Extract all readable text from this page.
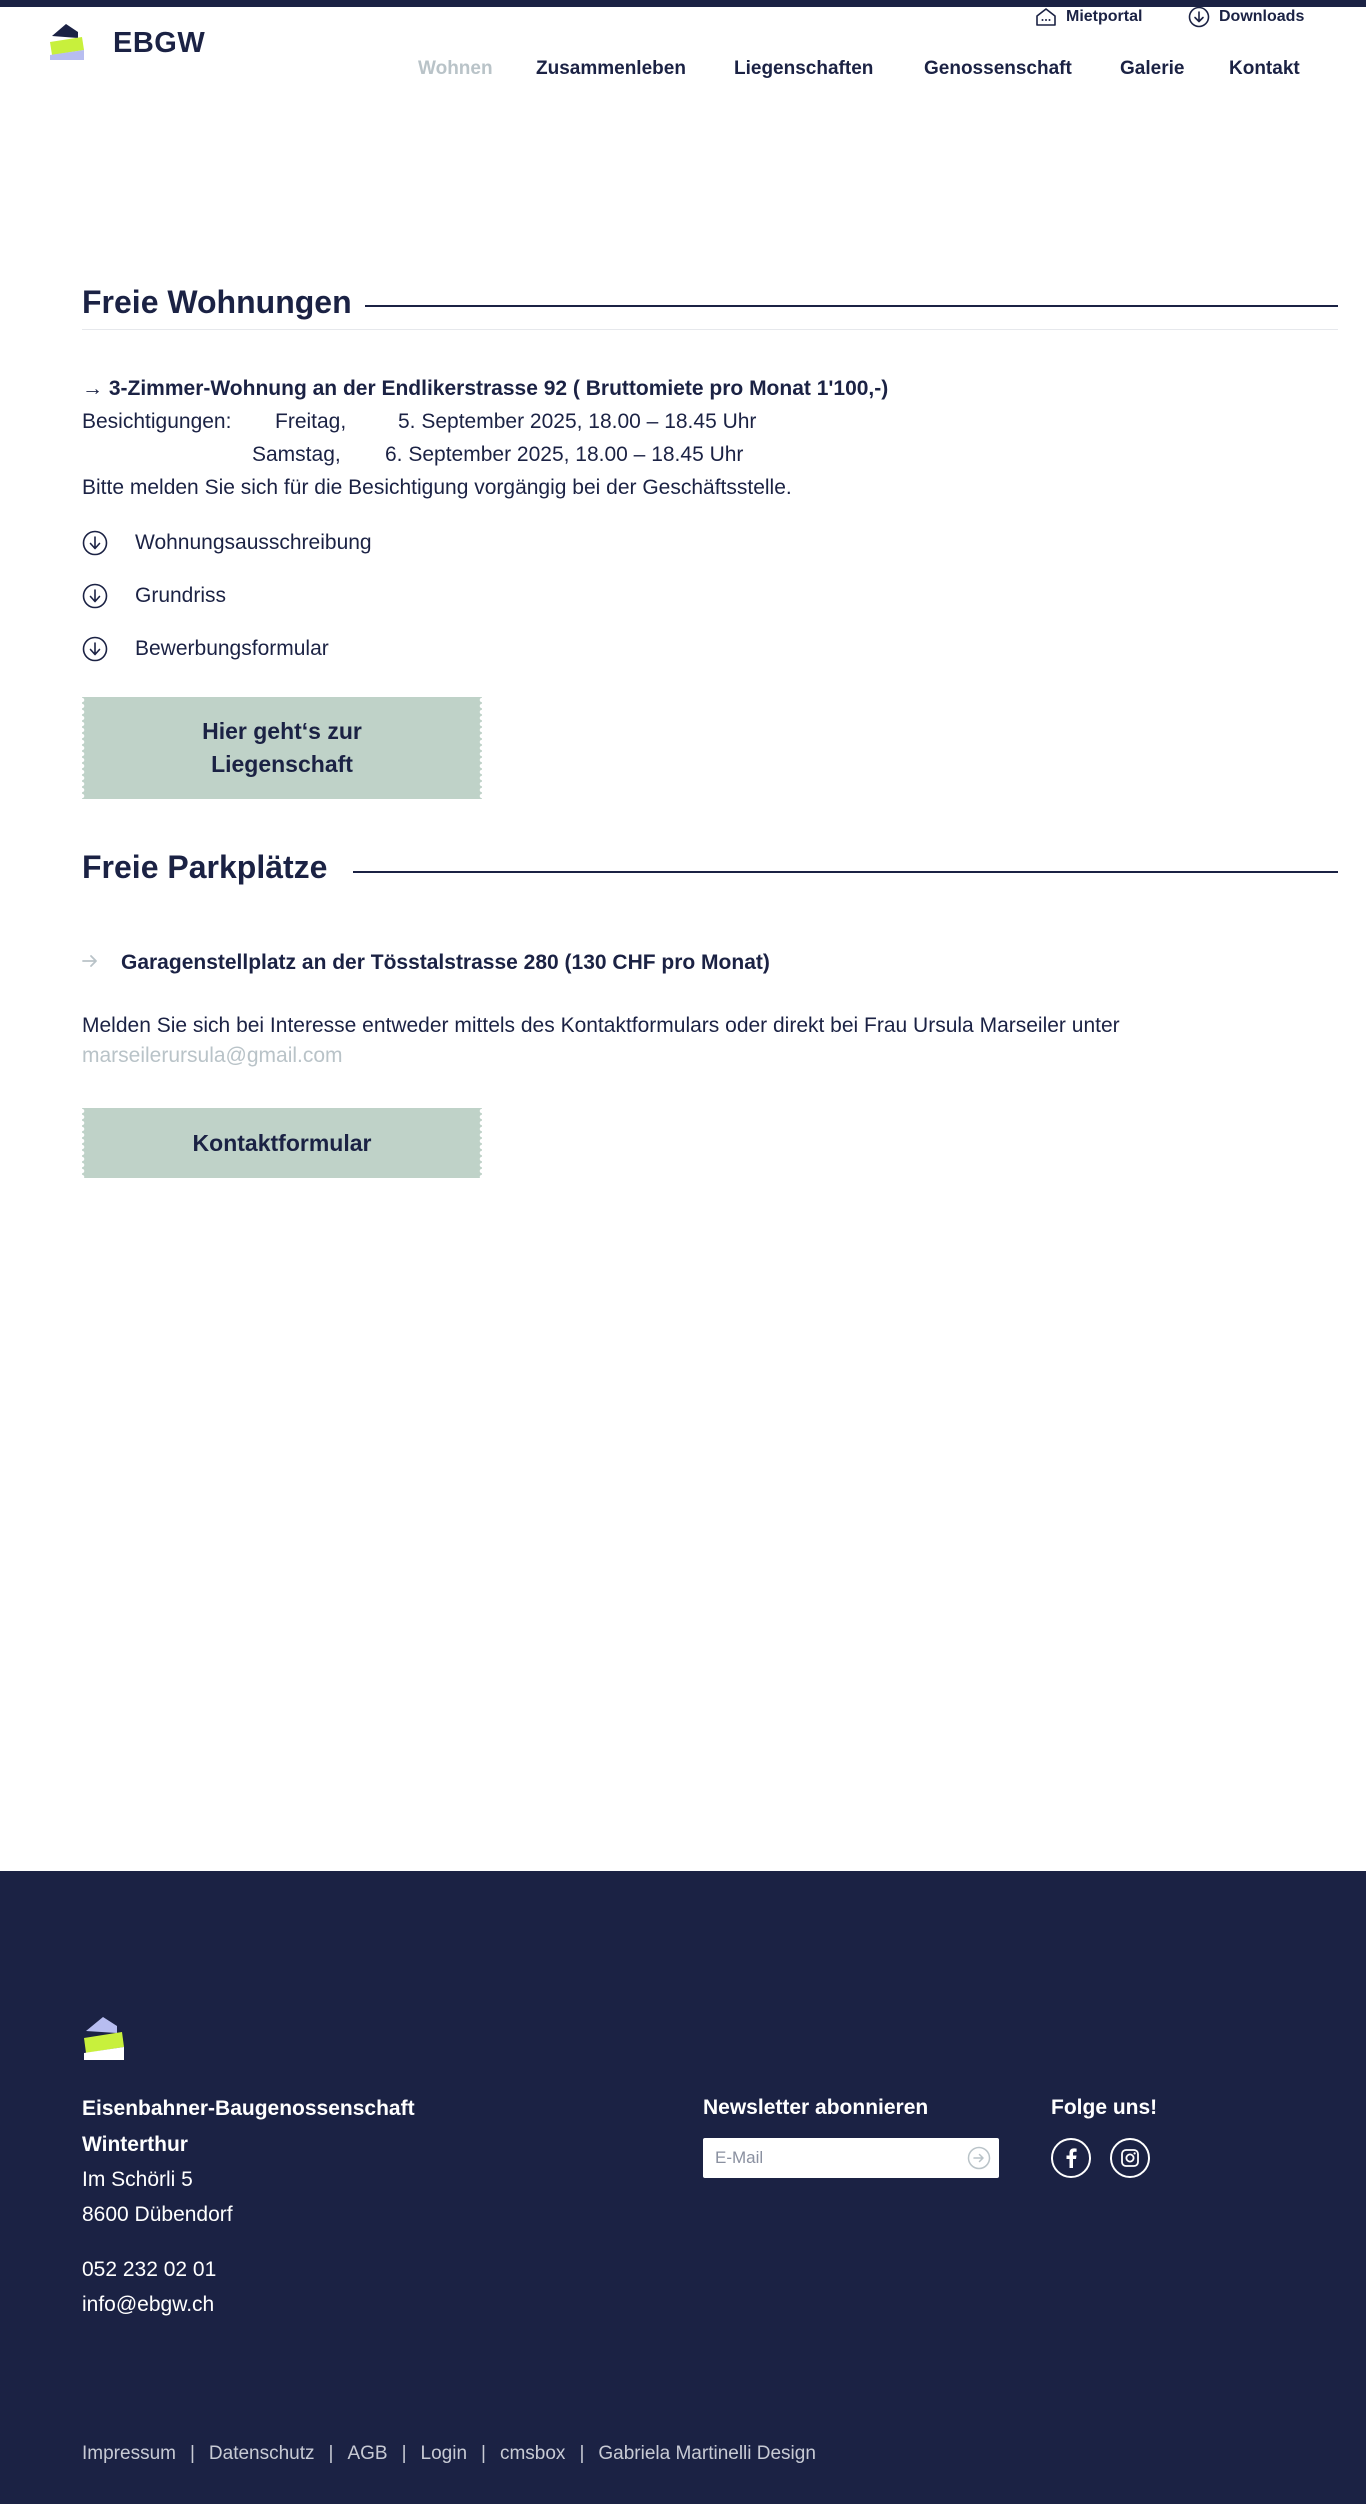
EBGW
Mietportal	Downloads
Wohnen Zusammenleben	Liegenschaften	Genossenschaft	Galerie Kontakt
Freie Wohnungen
→ 3-Zimmer-Wohnung an der Endlikerstrasse 92 ( Bruttomiete pro Monat 1'100,-)
Besichtigungen: Freitag, 5. September 2025, 18.00 – 18.45 Uhr
Samstag, 6. September 2025, 18.00 – 18.45 Uhr
Bitte melden Sie sich für die Besichtigung vorgängig bei der Geschäftsstelle.
Wohnungsausschreibung
Grundriss
Bewerbungsformular
Hier geht‘s zur
Liegenschaft
Freie Parkplätze
Garagenstellplatz an der Tösstalstrasse 280 (130 CHF pro Monat)
Melden Sie sich bei Interesse entweder mittels des Kontaktformulars oder direkt bei Frau Ursula Marseiler unter
marseilerursula@gmail.com
Kontaktformular
Eisenbahner-Baugenossenschaft
Winterthur
Im Schörli 5
8600 Dübendorf
052 232 02 01
info@ebgw.ch
Newsletter abonnieren
E-Mail	Folge uns!
Impressum | Datenschutz | AGB | Login | cmsbox | Gabriela Martinelli Design
